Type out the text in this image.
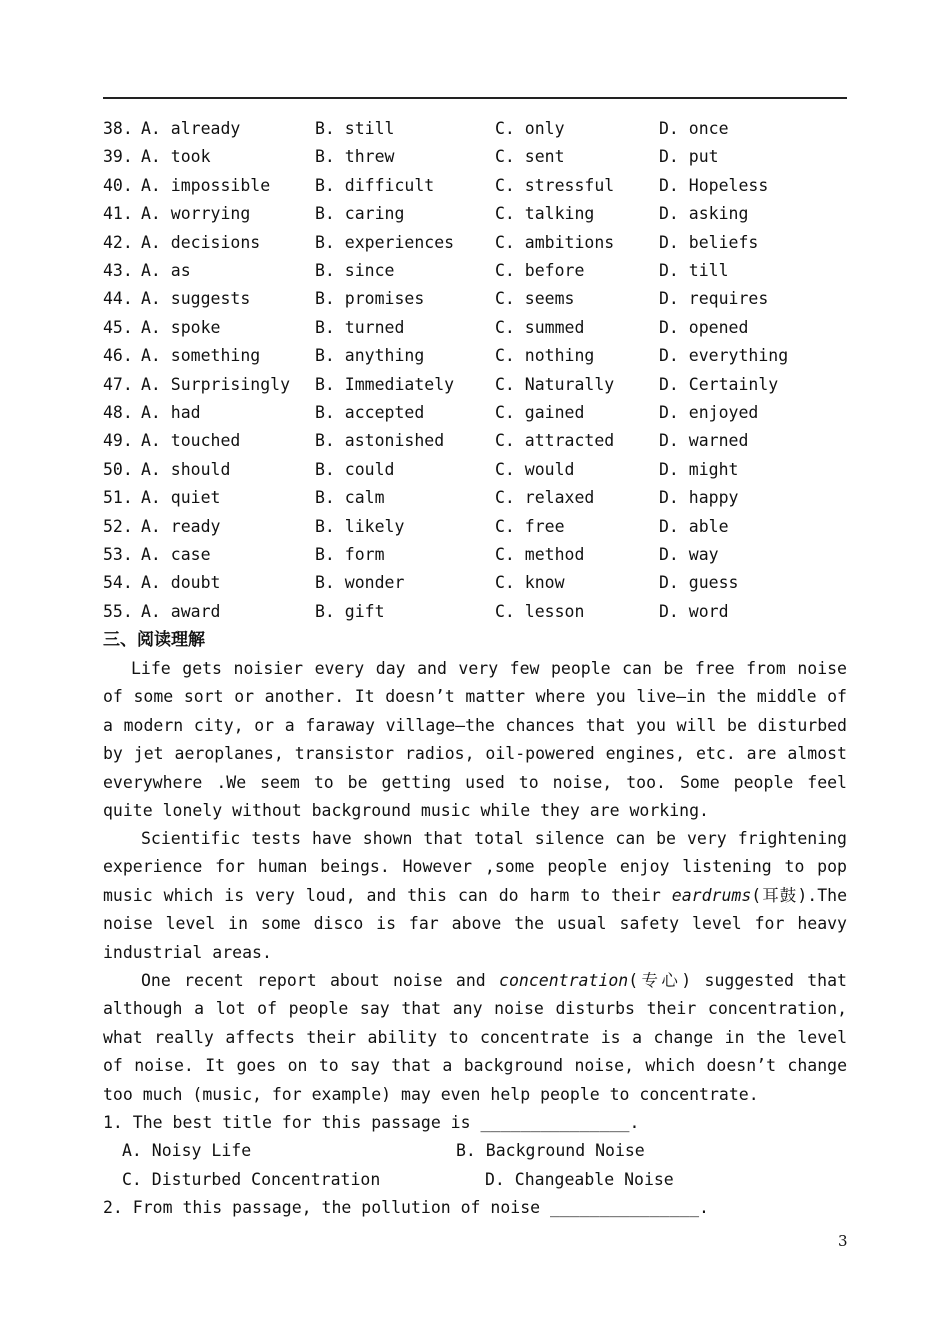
38. A. already	B. still	C. only	D. once
39. A. took	B. threw	C. sent	D. put
40. A. impossible	B. difficult	C. stressful	D. Hopeless
41. A. worrying	B. caring	C. talking	D. asking
42. A. decisions	B. experiences C. ambitions	D. beliefs
43. A. as	B. since	C. before	D. till
44. A. suggests	B. promises	C. seems	D. requires
45. A. spoke	B. turned	C. summed	D. opened
46. A. something	B. anything	C. nothing	D. everything
47. A. Surprisingly B. Immediately C. Naturally	D. Certainly
48. A. had	B. accepted	C. gained	D. enjoyed
49. A. touched	B. astonished	C. attracted	D. warned
50. A. should	B. could	C. would	D. might
51. A. quiet	B. calm	C. relaxed	D. happy
52. A. ready	B. likely	C. free	D. able
53. A. case	B. form	C. method	D. way
54. A. doubt	B. wonder	C. know	D. guess
55. A. award	B. gift	C. lesson	D. word
三、阅读理解

Life gets noisier every day and very few people can be free from noise of some sort or another. It doesn’t matter where you live—in the middle of a modern city, or a faraway village—the chances that you will be disturbed by jet aeroplanes, transistor radios, oil-powered engines, etc. are almost everywhere .We seem to be getting used to noise, too. Some people feel quite lonely without background music while they are working.

Scientific tests have shown that total silence can be very frightening experience for human beings. However ,some people enjoy listening to pop music which is very loud, and this can do harm to their eardrums(耳鼓).The noise level in some disco is far above the usual safety level for heavy industrial areas.

One recent report about noise and concentration(专心) suggested that although a lot of people say that any noise disturbs their concentration, what really affects their ability to concentrate is a change in the level of noise. It goes on to say that a background noise, which doesn’t change too much (music, for example) may even help people to concentrate.

1. The best title for this passage is _______________.
A. Noisy Life	B. Background Noise
C. Disturbed Concentration	D. Changeable Noise
2. From this passage, the pollution of noise _______________.
3
